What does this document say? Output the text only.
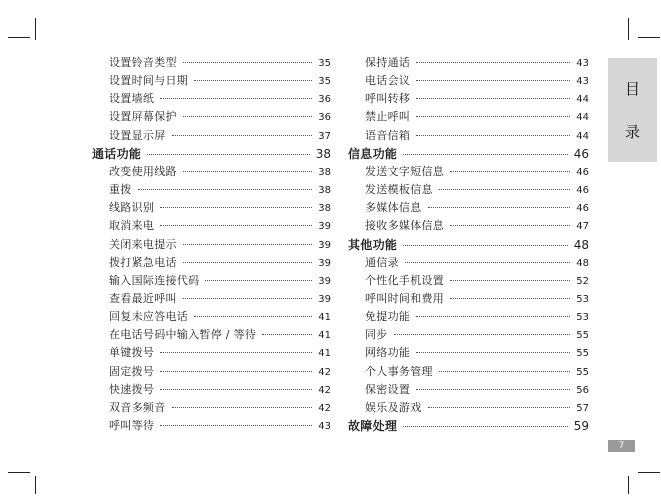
设置铃音类型	35
设置时间与日期	35
设置墙纸	36
设置屏幕保护	36
设置显示屏	37
通话功能	38
改变使用线路	38
重拨	38
线路识别	38
取消来电	39
关闭来电提示	39
拨打紧急电话	39
输入国际连接代码	39
查看最近呼叫	39
回复未应答电话	41
在电话号码中输入暂停 / 等待	41
单键拨号	41
固定拨号	42
快速拨号	42
双音多频音	42
呼叫等待	43
保持通话	43
电话会议	43
呼叫转移	44
禁止呼叫	44
语音信箱	44
信息功能	46
发送文字短信息	46
发送模板信息	46
多媒体信息	46
接收多媒体信息	47
其他功能	48
通信录	48
个性化手机设置	52
呼叫时间和费用	53
免提功能	53
同步	55
网络功能	55
个人事务管理	55
保密设置	56
娱乐及游戏	57
故障处理	59
目
录
7
